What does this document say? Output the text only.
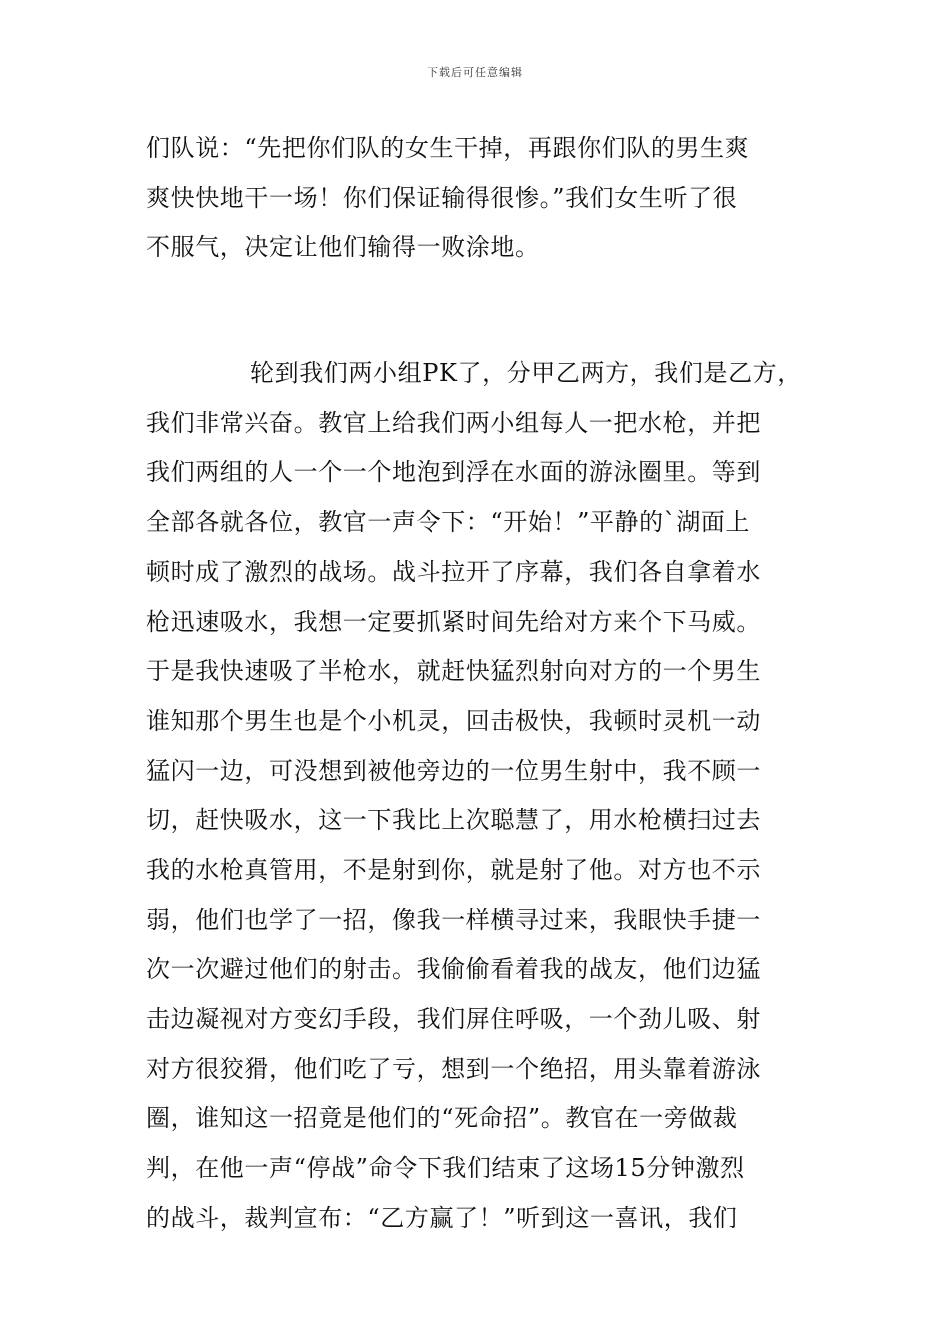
下载后可任意编辑
们队说：“先把你们队的女生干掉，再跟你们队的男生爽
爽快快地干一场！你们保证输得很惨。”我们女生听了很
不服气，决定让他们输得一败涂地。
轮到我们两小组PK了，分甲乙两方，我们是乙方，
我们非常兴奋。教官上给我们两小组每人一把水枪，并把
我们两组的人一个一个地泡到浮在水面的游泳圈里。等到
全部各就各位，教官一声令下：“开始！”平静的`湖面上
顿时成了激烈的战场。战斗拉开了序幕，我们各自拿着水
枪迅速吸水，我想一定要抓紧时间先给对方来个下马威。
于是我快速吸了半枪水，就赶快猛烈射向对方的一个男生
谁知那个男生也是个小机灵，回击极快，我顿时灵机一动
猛闪一边，可没想到被他旁边的一位男生射中，我不顾一
切，赶快吸水，这一下我比上次聪慧了，用水枪横扫过去
我的水枪真管用，不是射到你，就是射了他。对方也不示
弱，他们也学了一招，像我一样横寻过来，我眼快手捷一
次一次避过他们的射击。我偷偷看着我的战友，他们边猛
击边凝视对方变幻手段，我们屏住呼吸，一个劲儿吸、射
对方很狡猾，他们吃了亏，想到一个绝招，用头靠着游泳
圈，谁知这一招竟是他们的“死命招”。教官在一旁做裁
判，在他一声“停战”命令下我们结束了这场15分钟激烈
的战斗，裁判宣布：“乙方赢了！”听到这一喜讯，我们
